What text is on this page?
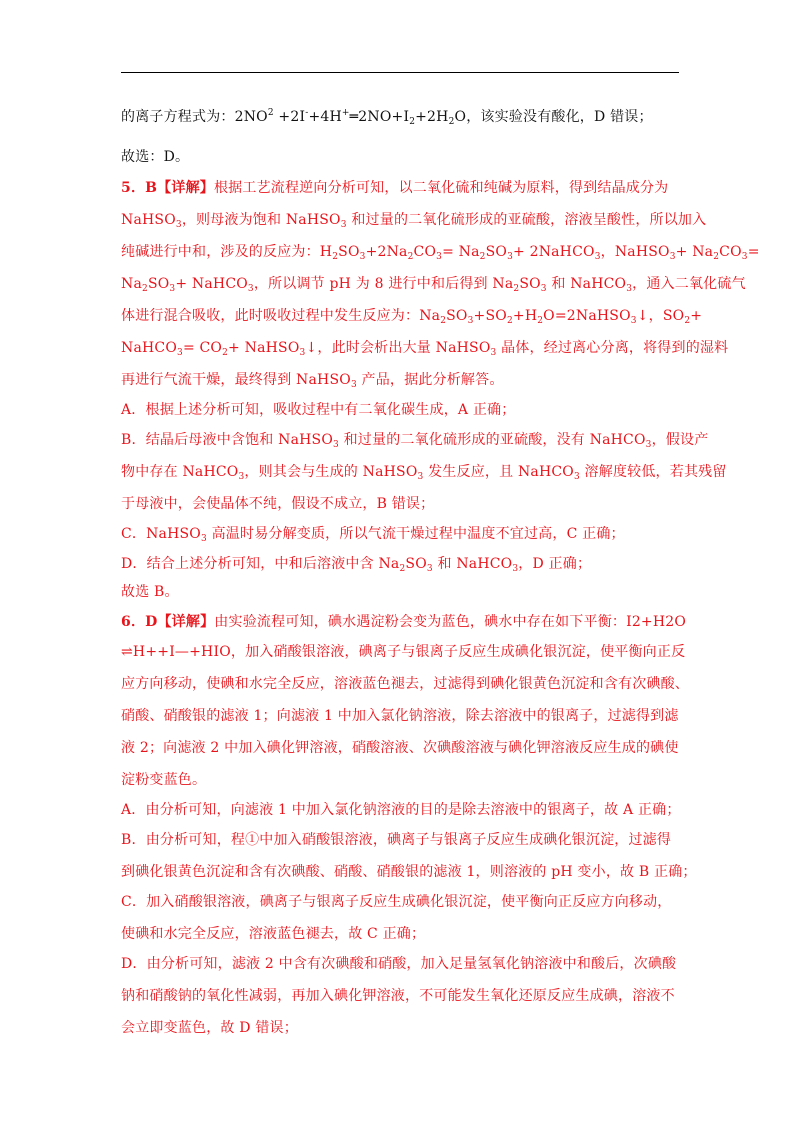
的离子方程式为：$2NO^2$ $+2I^-+4H^+═2NO+I_2+2H_2O$，该实验没有酸化，D 错误；
故选：D。
5．B【详解】根据工艺流程逆向分析可知，以二氧化硫和纯碱为原料，得到结晶成分为
NaHSO$_3$，则母液为饱和 NaHSO$_3$ 和过量的二氧化硫形成的亚硫酸，溶液呈酸性，所以加入
纯碱进行中和，涉及的反应为：$H_2SO_3+2Na_2CO_3= Na_2SO_3+$ 2NaHCO$_3$，NaHSO$_3$+ $Na_2CO_3=$
$Na_2SO_3+$ NaHCO$_3$，所以调节 pH 为 8 进行中和后得到 $Na_2SO_3$ 和 NaHCO$_3$，通入二氧化硫气
体进行混合吸收，此时吸收过程中发生反应为：$Na_2SO_3+SO_2+H_2O=2NaHSO_3↓$，$SO_2+$
NaHCO$_3$= $CO_2+$ NaHSO$_3$↓，此时会析出大量 NaHSO$_3$ 晶体，经过离心分离，将得到的湿料
再进行气流干燥，最终得到 NaHSO$_3$ 产品，据此分析解答。
A．根据上述分析可知，吸收过程中有二氧化碳生成，A 正确；
B．结晶后母液中含饱和 NaHSO$_3$ 和过量的二氧化硫形成的亚硫酸，没有 NaHCO$_3$，假设产
物中存在 NaHCO$_3$，则其会与生成的 NaHSO$_3$ 发生反应，且 NaHCO$_3$ 溶解度较低，若其残留
于母液中，会使晶体不纯，假设不成立，B 错误；
C．NaHSO$_3$ 高温时易分解变质，所以气流干燥过程中温度不宜过高，C 正确；
D．结合上述分析可知，中和后溶液中含 $Na_2SO_3$ 和 NaHCO$_3$，D 正确；
故选 B。
6．D【详解】由实验流程可知，碘水遇淀粉会变为蓝色，碘水中存在如下平衡：I2+H2O
⇌H++I—+HIO，加入硝酸银溶液，碘离子与银离子反应生成碘化银沉淀，使平衡向正反
应方向移动，使碘和水完全反应，溶液蓝色褪去，过滤得到碘化银黄色沉淀和含有次碘酸、
硝酸、硝酸银的滤液 1；向滤液 1 中加入氯化钠溶液，除去溶液中的银离子，过滤得到滤
液 2；向滤液 2 中加入碘化钾溶液，硝酸溶液、次碘酸溶液与碘化钾溶液反应生成的碘使
淀粉变蓝色。
A．由分析可知，向滤液 1 中加入氯化钠溶液的目的是除去溶液中的银离子，故 A 正确；
B．由分析可知，程①中加入硝酸银溶液，碘离子与银离子反应生成碘化银沉淀，过滤得
到碘化银黄色沉淀和含有次碘酸、硝酸、硝酸银的滤液 1，则溶液的 pH 变小，故 B 正确；
C．加入硝酸银溶液，碘离子与银离子反应生成碘化银沉淀，使平衡向正反应方向移动，
使碘和水完全反应，溶液蓝色褪去，故 C 正确；
D．由分析可知，滤液 2 中含有次碘酸和硝酸，加入足量氢氧化钠溶液中和酸后，次碘酸
钠和硝酸钠的氧化性减弱，再加入碘化钾溶液，不可能发生氧化还原反应生成碘，溶液不
会立即变蓝色，故 D 错误；
